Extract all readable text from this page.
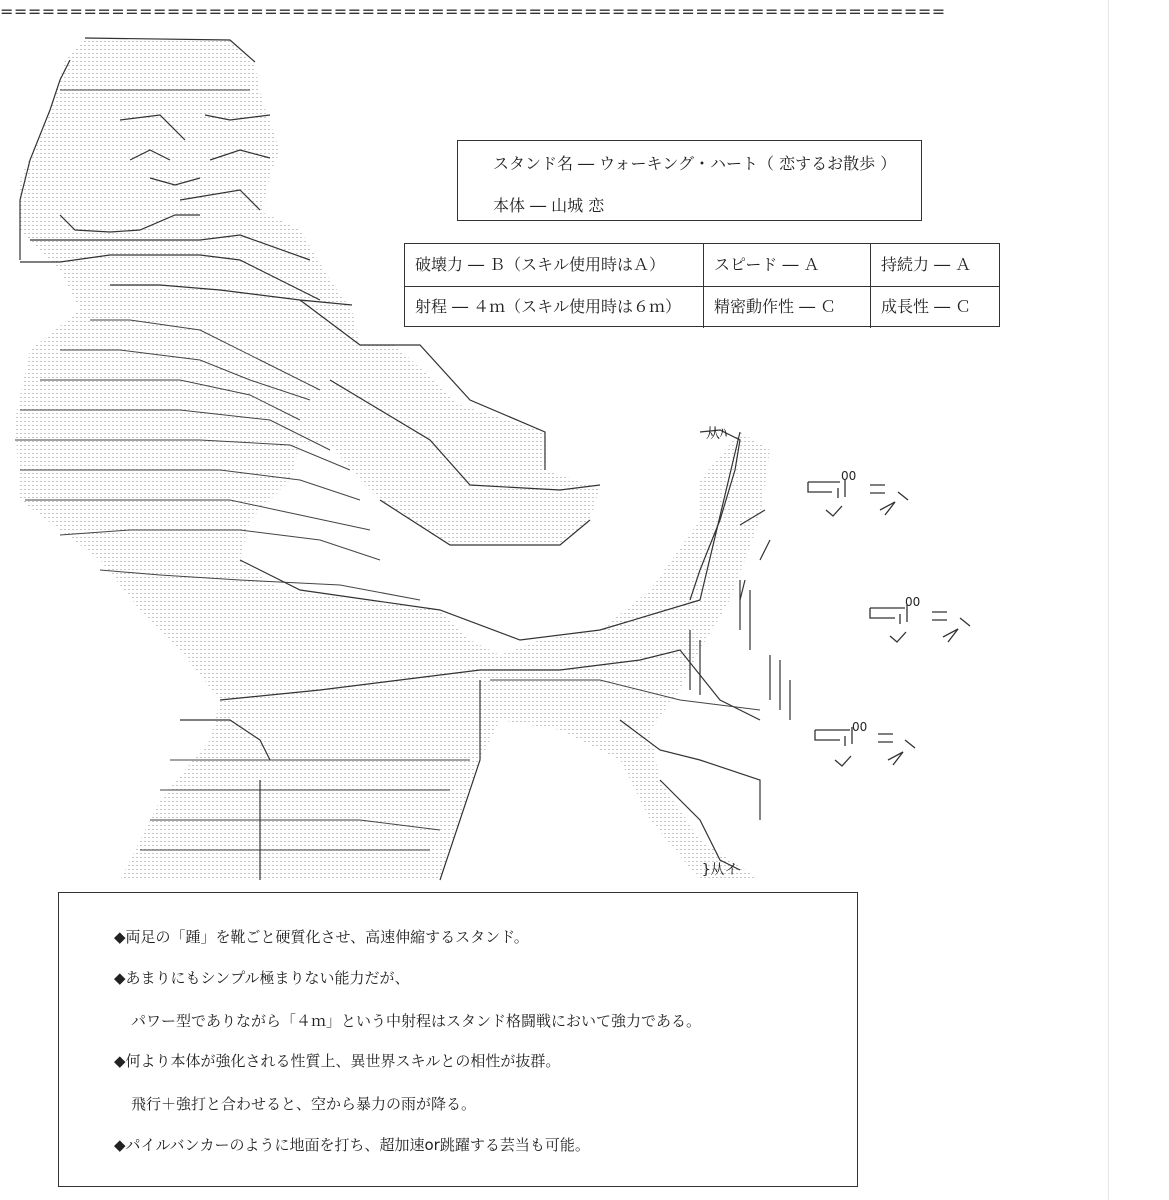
====================================================================
00
00
00
从ﾊ
}从イ
スタンド名 ― ウォーキング・ハート（ 恋するお散歩 ）
本体 ― 山城 恋
破壊力 ― Ｂ（スキル使用時はＡ）	スピード ― Ａ	持続力 ― Ａ
射程 ― ４ｍ（スキル使用時は６ｍ）	精密動作性 ― Ｃ	成長性 ― Ｃ
◆両足の「踵」を靴ごと硬質化させ、高速伸縮するスタンド。
◆あまりにもシンプル極まりない能力だが、
パワー型でありながら「４ｍ」という中射程はスタンド格闘戦において強力である。
◆何より本体が強化される性質上、異世界スキルとの相性が抜群。
飛行＋強打と合わせると、空から暴力の雨が降る。
◆パイルバンカーのように地面を打ち、超加速or跳躍する芸当も可能。
